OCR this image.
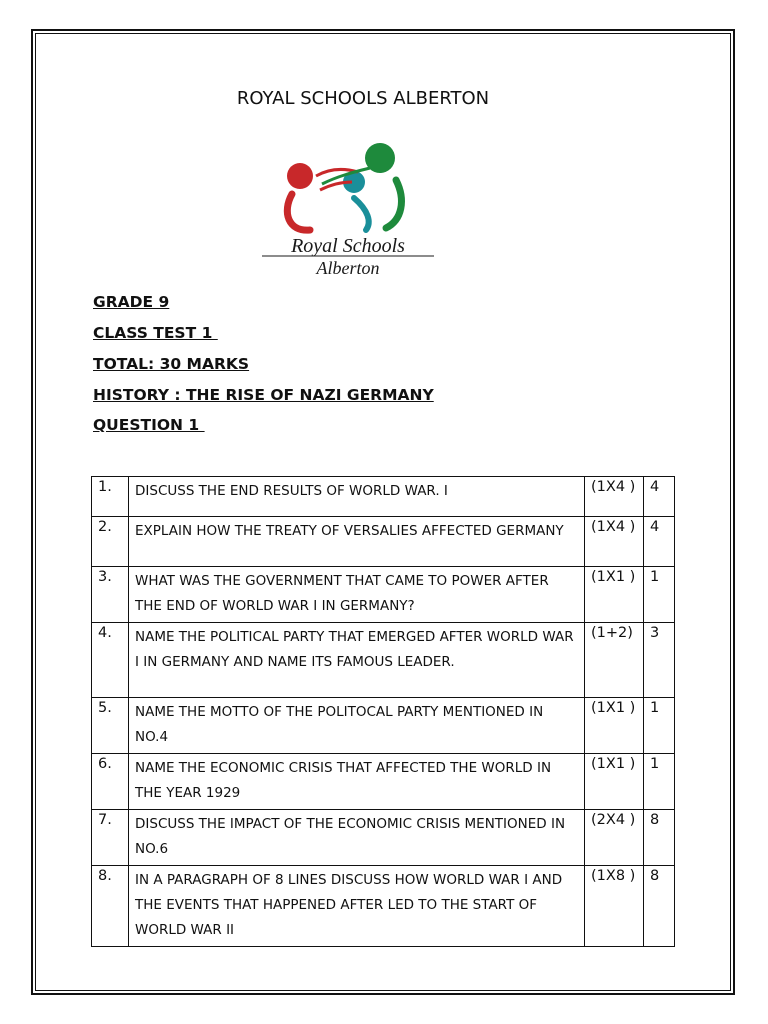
ROYAL SCHOOLS ALBERTON
Royal Schools
Alberton
GRADE 9
CLASS TEST 1
TOTAL: 30 MARKS
HISTORY : THE RISE OF NAZI GERMANY
QUESTION 1
1.	DISCUSS THE END RESULTS OF WORLD WAR. I	(1X4 )	4
2.	EXPLAIN HOW THE TREATY OF VERSALIES AFFECTED GERMANY	(1X4 )	4
3.	WHAT WAS THE GOVERNMENT THAT CAME TO POWER AFTER THE END OF WORLD WAR I IN GERMANY?	(1X1 )	1
4.	NAME THE POLITICAL PARTY THAT EMERGED AFTER WORLD WAR I IN GERMANY AND NAME ITS FAMOUS LEADER.	(1+2)	3
5.	NAME THE MOTTO OF THE POLITOCAL PARTY MENTIONED IN NO.4	(1X1 )	1
6.	NAME THE ECONOMIC CRISIS THAT AFFECTED THE WORLD IN THE YEAR 1929	(1X1 )	1
7.	DISCUSS THE IMPACT OF THE ECONOMIC CRISIS MENTIONED IN NO.6	(2X4 )	8
8.	IN A PARAGRAPH OF 8 LINES DISCUSS HOW WORLD WAR I AND THE EVENTS THAT HAPPENED AFTER LED TO THE START OF WORLD WAR II	(1X8 )	8
